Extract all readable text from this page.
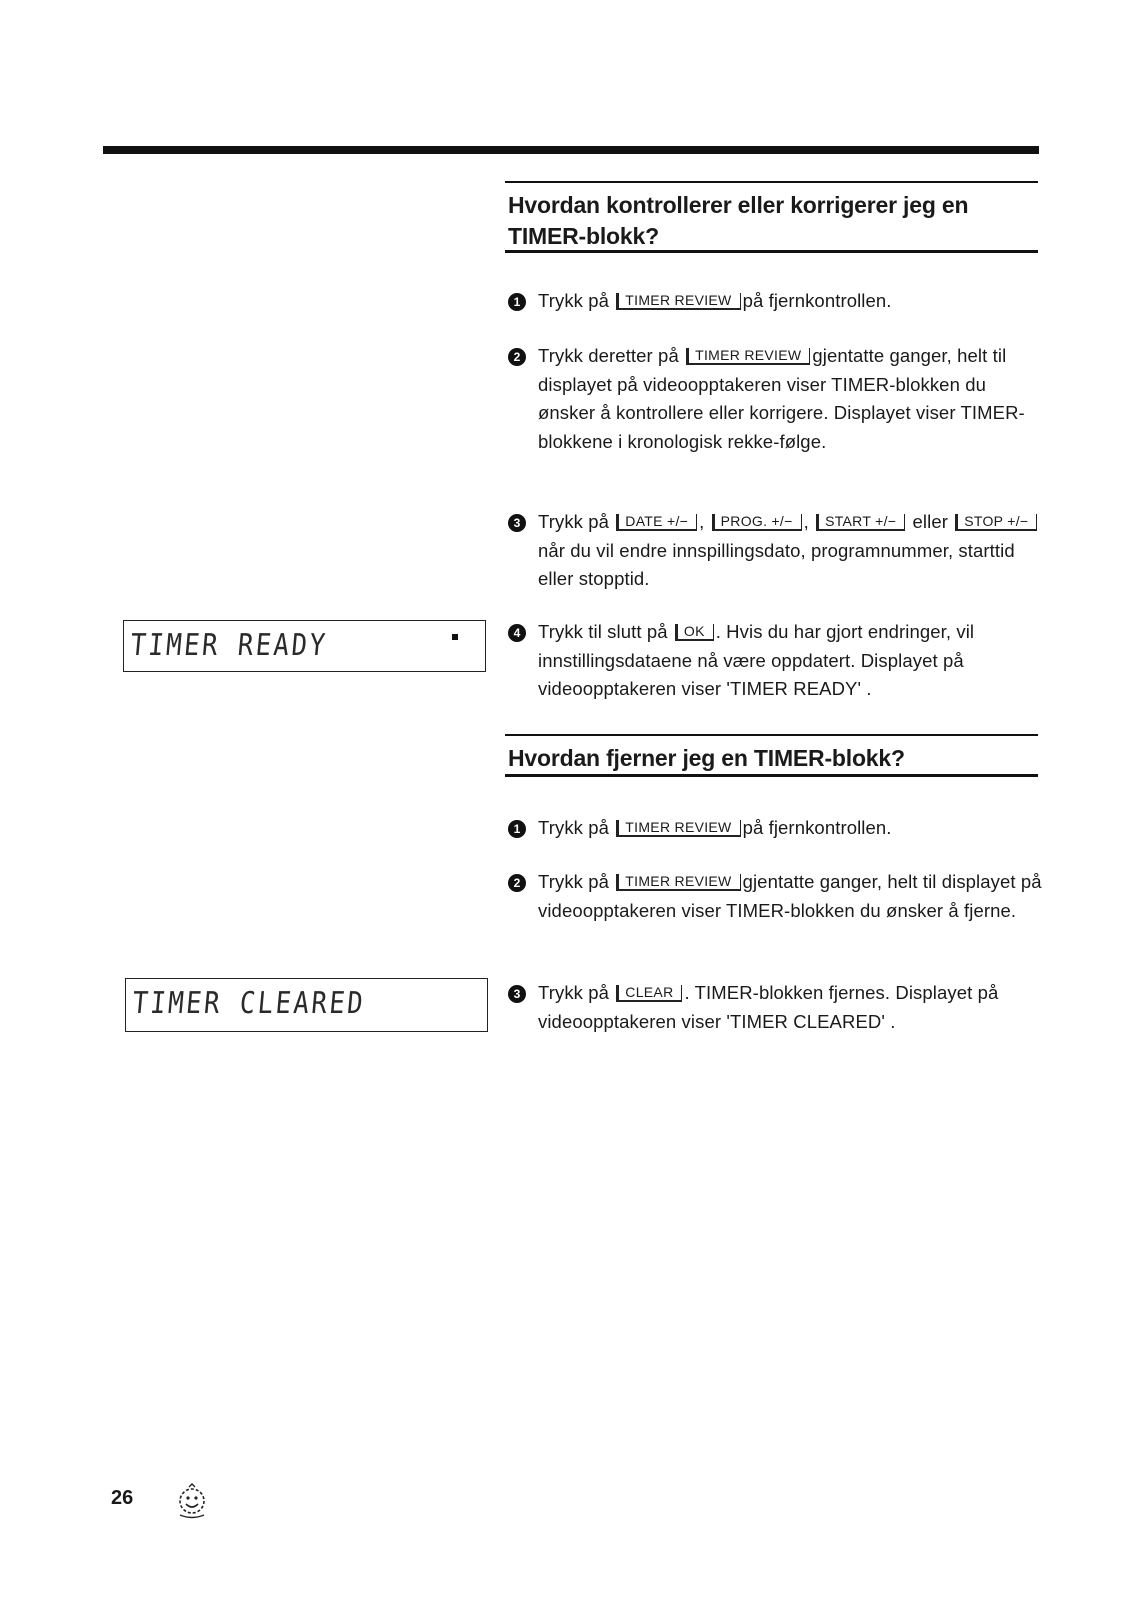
Hvordan kontrollerer eller korrigerer jeg en TIMER-blokk?
1 Trykk på TIMER REVIEW på fjernkontrollen.
2 Trykk deretter på TIMER REVIEW gjentatte ganger, helt til displayet på videoopptakeren viser TIMER-blokken du ønsker å kontrollere eller korrigere. Displayet viser TIMER-blokkene i kronologisk rekke-følge.
3 Trykk på DATE +/− , PROG. +/− , START +/− eller STOP +/− når du vil endre innspillingsdato, programnummer, starttid eller stopptid.
TIMER READY	4 Trykk til slutt på OK . Hvis du har gjort endringer, vil innstillingsdataene nå være oppdatert. Displayet på videoopptakeren viser 'TIMER READY' .
Hvordan fjerner jeg en TIMER-blokk?
1 Trykk på TIMER REVIEW på fjernkontrollen.
2 Trykk på TIMER REVIEW gjentatte ganger, helt til displayet på videoopptakeren viser TIMER-blokken du ønsker å fjerne.
TIMER CLEARED	3 Trykk på CLEAR . TIMER-blokken fjernes. Displayet på videoopptakeren viser 'TIMER CLEARED' .
26
